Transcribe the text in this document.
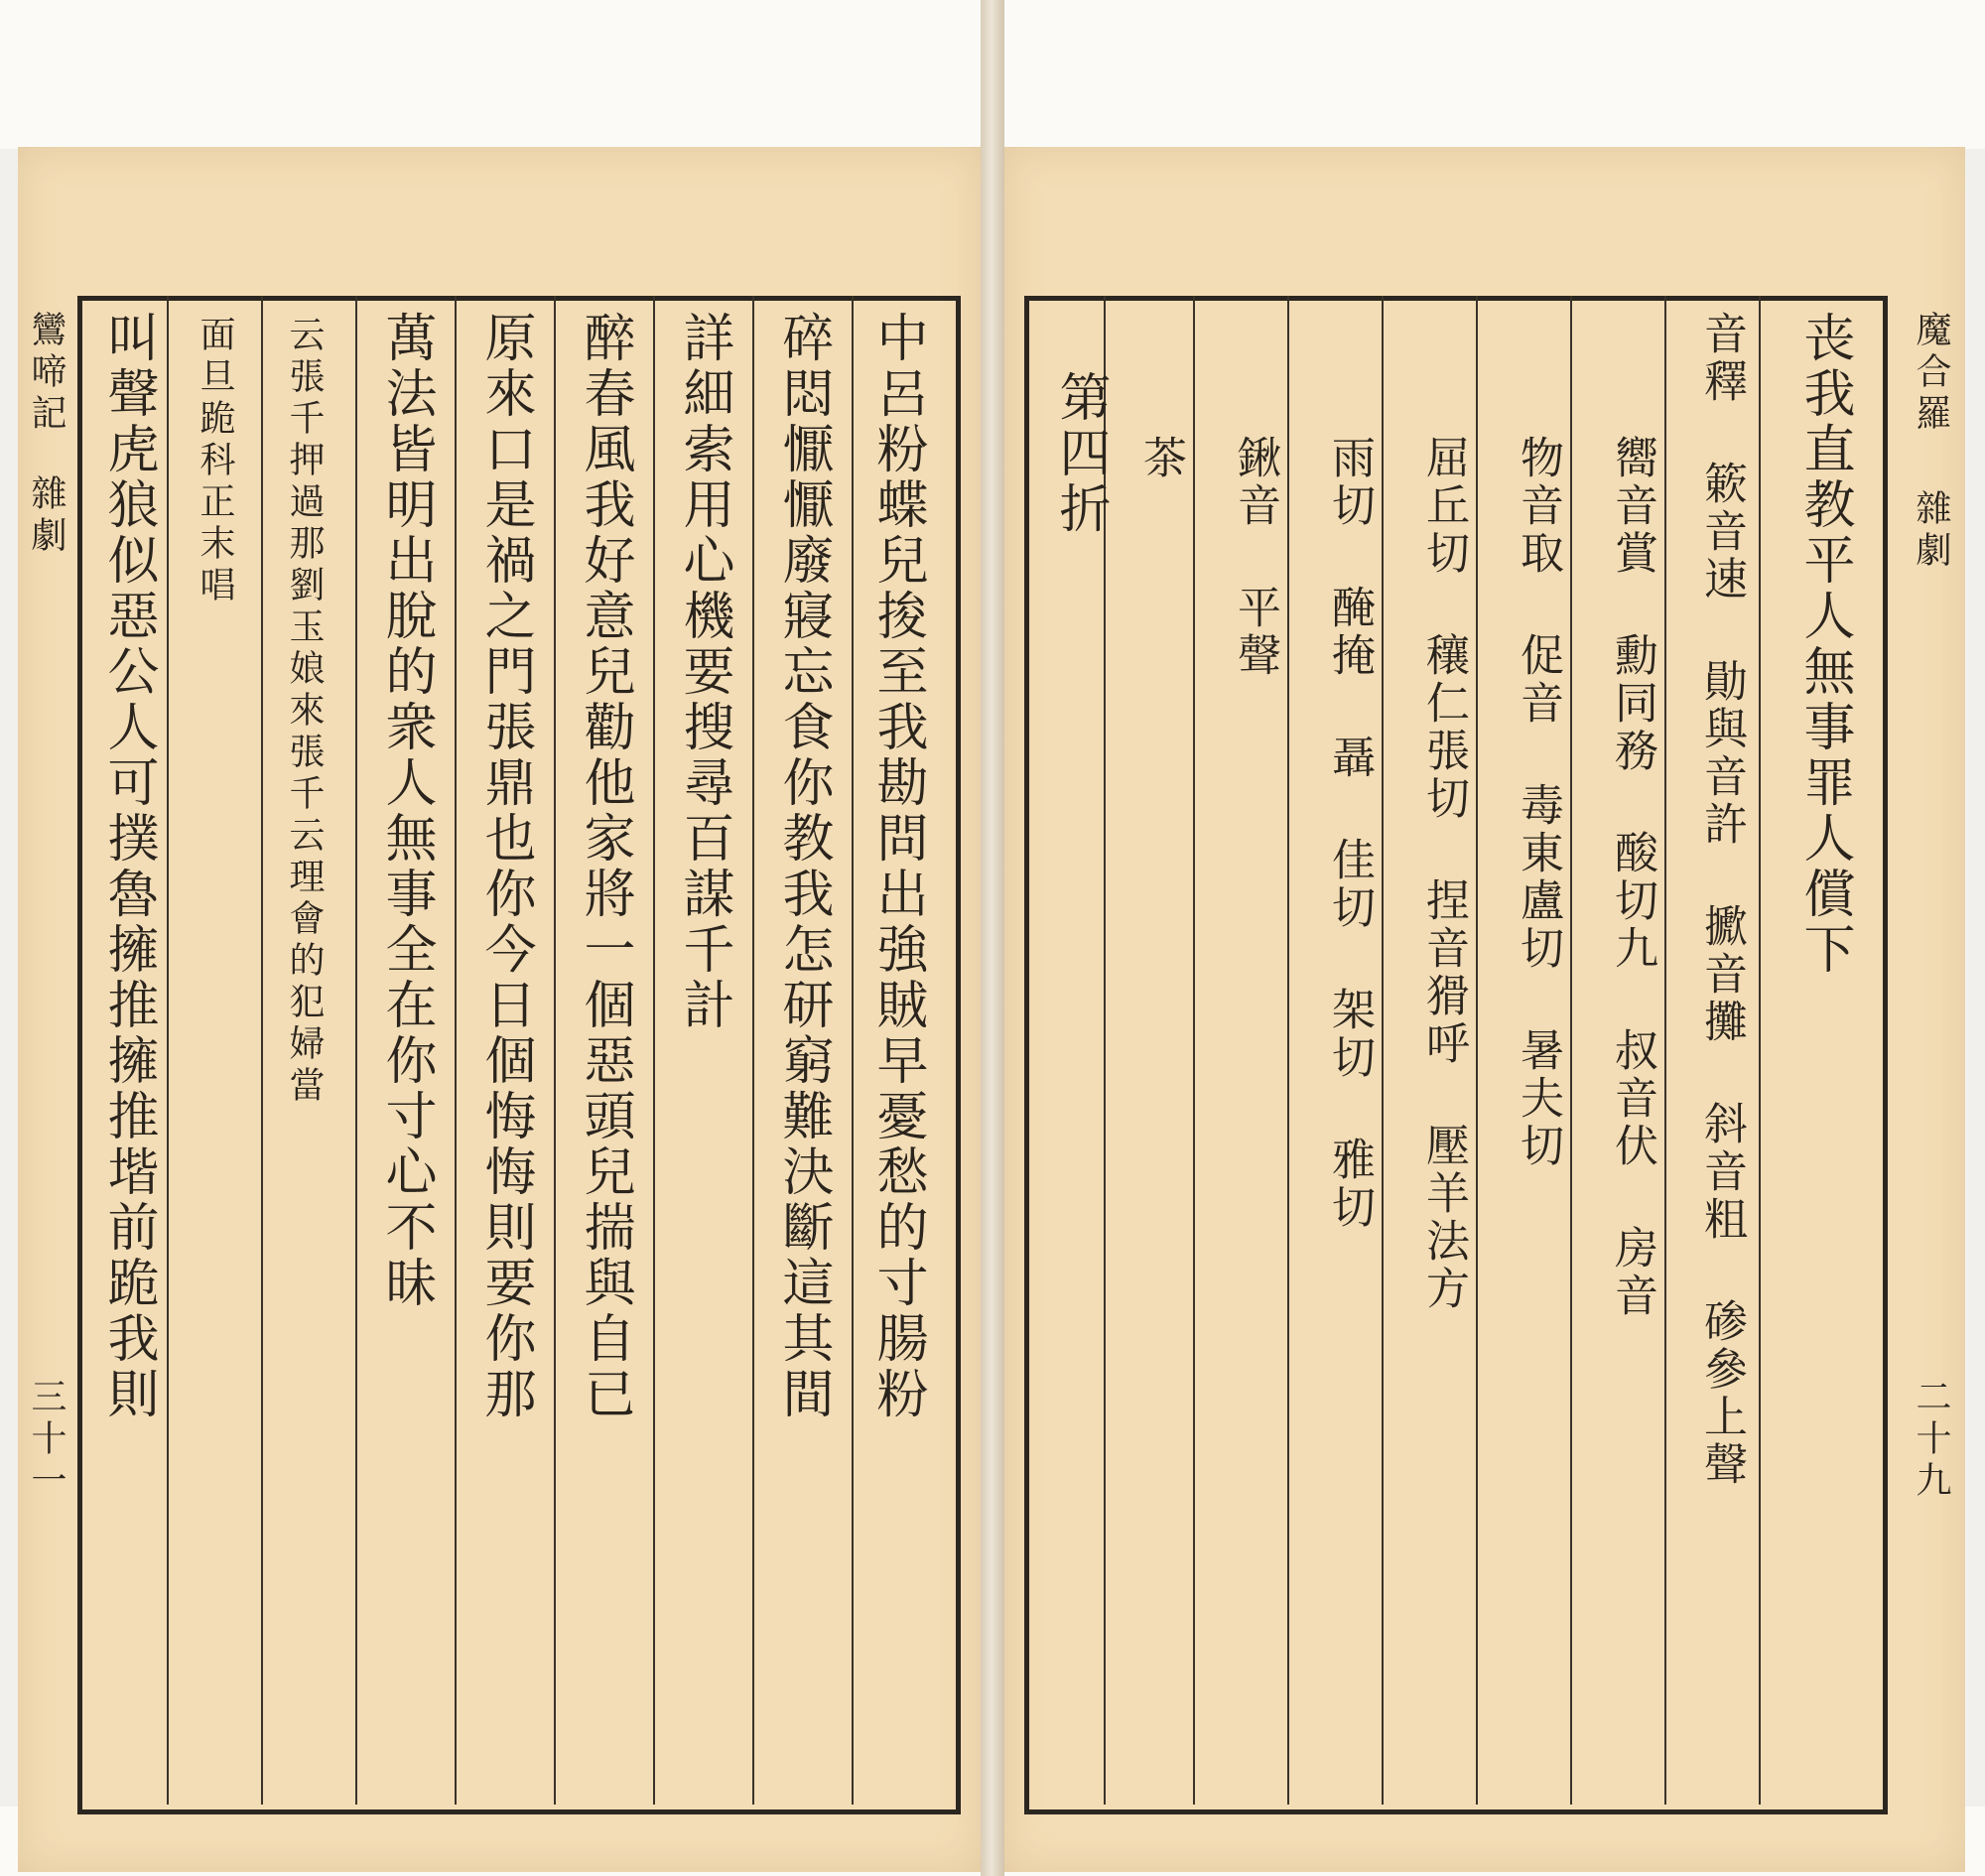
鸞啼記
雜劇
三十一
中呂粉蝶兒捘至我勘問出強賊早憂愁的寸腸粉
碎悶懨懨廢寢忘食你教我怎研窮難決斷這其間
詳細索用心機要搜尋百謀千計
醉春風我好意兒勸他家將一個惡頭兒揣與自已
原來口是禍之門張鼎也你今日個悔悔則要你那
萬法皆明出脫的衆人無事全在你寸心不昧
云張千押過那劉玉娘來張千云理會的犯婦當
面旦跪科正末唱
叫聲虎狼似惡公人可撲魯擁推擁推堦前跪我則	魔合羅
雜劇
二十九
丧我直教平人無事罪人償下
音釋 簌音速 勛與音許 擨音攤 斜音粗 碜參上聲
嚮音賞 勳同務 酸切九 叔音伏 房音
物音取 促音 毒東盧切 暑夫切
屈丘切 穰仁張切 捏音猾呼 壓羊法方
雨切 醃掩 聶 佳切 架切 雅切
鍬音 平聲
茶
第四折
